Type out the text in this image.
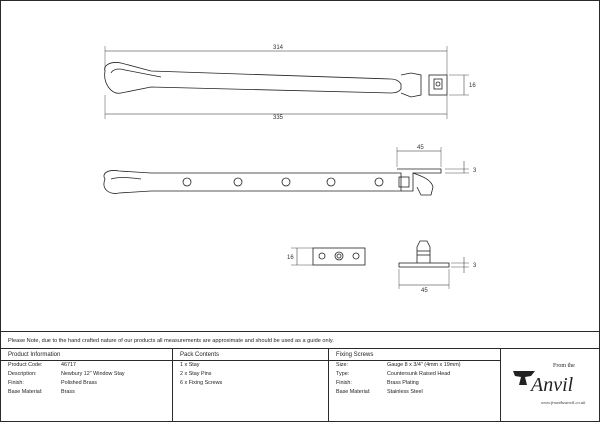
314
335
16
45
3
16
3
45
Please Note, due to the hand crafted nature of our products all measurements are approximate and should be used as a guide only.
Product Information
Product Code:	46717
Description:	Newbury 12" Window Stay
Finish:	Polished Brass
Base Material:	Brass
Pack Contents
1 x Stay
2 x Stay Pins
6 x Fixing Screws
Fixing Screws
Size:	Gauge 8 x 3/4" (4mm x 19mm)
Type:	Countersunk Raised Head
Finish:	Brass Plating
Base Material:	Stainless Steel
From the
Anvil
www.fromtheanvil.co.uk
